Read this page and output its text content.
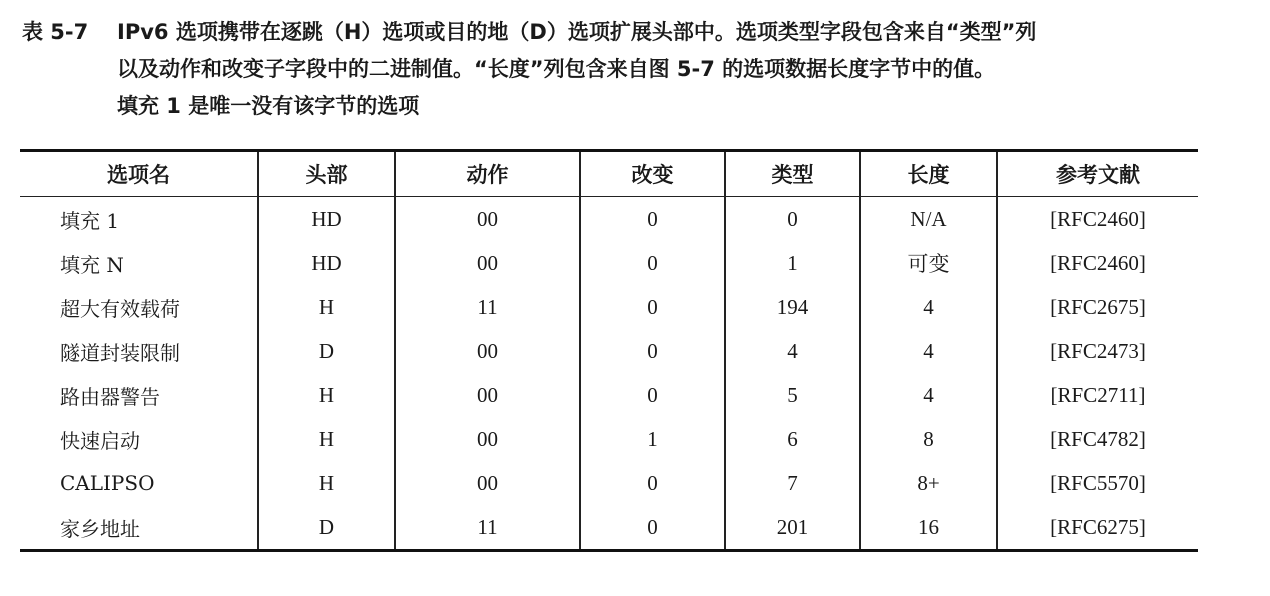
表 5-7 IPv6 选项携带在逐跳（H）选项或目的地（D）选项扩展头部中。选项类型字段包含来自“类型”列
以及动作和改变子字段中的二进制值。“长度”列包含来自图 5-7 的选项数据长度字节中的值。
填充 1 是唯一没有该字节的选项
选项名	头部	动作	改变	类型	长度	参考文献
填充 1	HD	00	0	0	N/A	[RFC2460]
填充 N	HD	00	0	1	可变	[RFC2460]
超大有效载荷	H	11	0	194	4	[RFC2675]
隧道封装限制	D	00	0	4	4	[RFC2473]
路由器警告	H	00	0	5	4	[RFC2711]
快速启动	H	00	1	6	8	[RFC4782]
CALIPSO	H	00	0	7	8+	[RFC5570]
家乡地址	D	11	0	201	16	[RFC6275]
